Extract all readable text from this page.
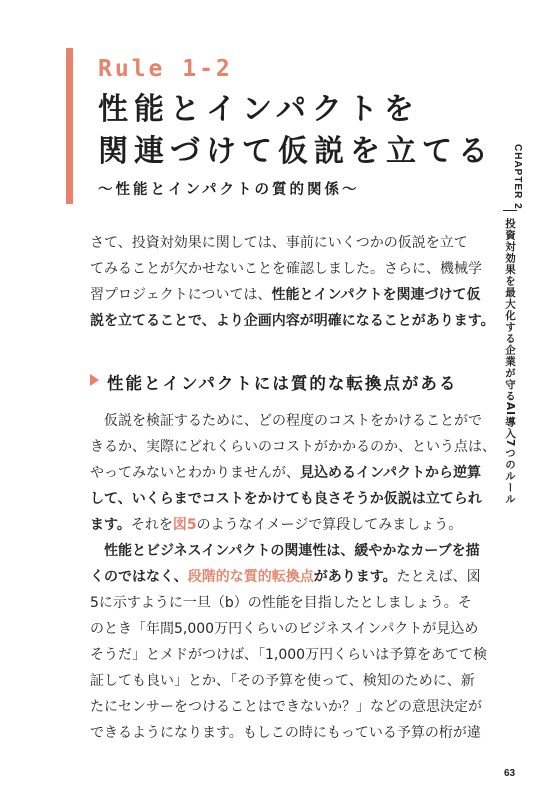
Rule 1-2
性能とインパクトを
関連づけて仮説を立てる
〜性能とインパクトの質的関係〜	CHAPTER 2
投資対効果を最大化する企業が守るAI導入7つのルール

さて、投資対効果に関しては、事前にいくつかの仮説を立て

てみることが欠かせないことを確認しました。さらに、機械学

習プロジェクトについては、性能とインパクトを関連づけて仮

説を立てることで、より企画内容が明確になることがあります。

性能とインパクトには質的な転換点がある

　仮説を検証するために、どの程度のコストをかけることがで

きるか、実際にどれくらいのコストがかかるのか、という点は、

やってみないとわかりませんが、見込めるインパクトから逆算

して、いくらまでコストをかけても良さそうか仮説は立てられ

ます。それを図5のようなイメージで算段してみましょう。

　性能とビジネスインパクトの関連性は、緩やかなカーブを描

くのではなく、段階的な質的転換点があります。たとえば、図

5に示すように一旦（b）の性能を目指したとしましょう。そ

のとき「年間5,000万円くらいのビジネスインパクトが見込め

そうだ」とメドがつけば、「1,000万円くらいは予算をあてて検

証しても良い」とか、「その予算を使って、検知のために、新

たにセンサーをつけることはできないか？」などの意思決定が

できるようになります。もしこの時にもっている予算の桁が違

63
